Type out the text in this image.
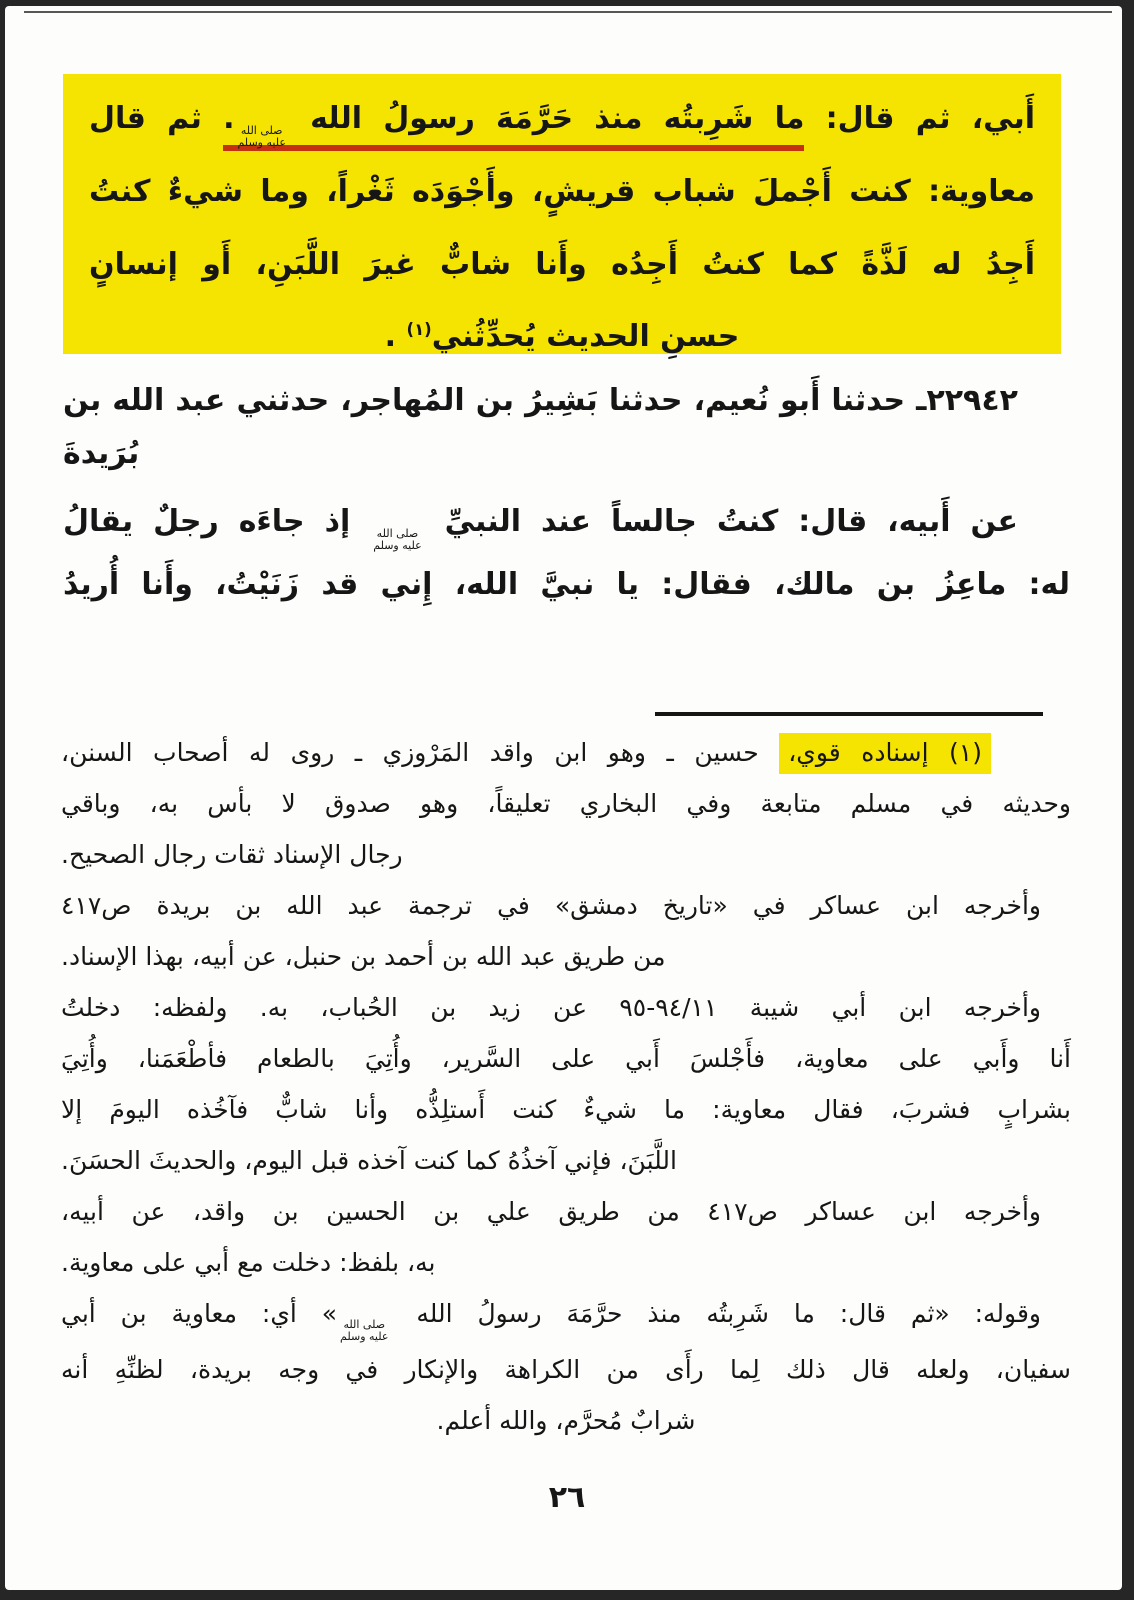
أَبي، ثم قال: ما شَرِبتُه منذ حَرَّمَهَ رسولُ الله
صلى الله
عليه وسلم
. ثم قال
معاوية: كنت أَجْملَ شباب قريشٍ، وأَجْوَدَه ثَغْراً، وما شيءٌ كنتُ
أَجِدُ له لَذَّةً كما كنتُ أَجِدُه وأَنا شابٌّ غيرَ اللَّبَنِ، أَو إنسانٍ
حسنِ الحديث يُحدِّثُني$^{(١)}$ .
٢٢٩٤٢ـ حدثنا أَبو نُعيم، حدثنا بَشِيرُ بن المُهاجر، حدثني عبد الله بن
بُرَيدةَ
عن أَبيه، قال: كنتُ جالساً عند النبيِّ
صلى الله
عليه وسلم
إذ جاءَه رجلٌ يقالُ
له: ماعِزُ بن مالك، فقال: يا نبيَّ الله، إِني قد زَنَيْتُ، وأَنا أُريدُ
(١) إسناده قوي، حسين ـ وهو ابن واقد المَرْوزي ـ روى له أصحاب السنن،
وحديثه في مسلم متابعة وفي البخاري تعليقاً، وهو صدوق لا بأس به، وباقي
رجال الإسناد ثقات رجال الصحيح.
وأخرجه ابن عساكر في «تاريخ دمشق» في ترجمة عبد الله بن بريدة ص٤١٧
من طريق عبد الله بن أحمد بن حنبل، عن أبيه، بهذا الإسناد.
وأخرجه ابن أبي شيبة ١١‏/٩٤-٩٥ عن زيد بن الحُباب، به. ولفظه: دخلتُ
أَنا وأَبي على معاوية، فأَجْلسَ أَبي على السَّرير، وأُتِيَ بالطعام فأطْعَمَنا، وأُتِيَ
بشرابٍ فشربَ، فقال معاوية: ما شيءٌ كنت أَستلِذُّه وأنا شابٌّ فآخُذه اليومَ إلا
اللَّبَنَ، فإني آخذُهُ كما كنت آخذه قبل اليوم، والحديثَ الحسَنَ.
وأخرجه ابن عساكر ص٤١٧ من طريق علي بن الحسين بن واقد، عن أبيه،
به، بلفظ: دخلت مع أبي على معاوية.
وقوله: «ثم قال: ما شَرِبتُه منذ حرَّمَهَ رسولُ الله
صلى الله
عليه وسلم
» أي: معاوية بن أبي
سفيان، ولعله قال ذلك لِما رأَى من الكراهة والإنكار في وجه بريدة، لظنِّهِ أنه
شرابٌ مُحرَّم، والله أعلم.
٢٦
